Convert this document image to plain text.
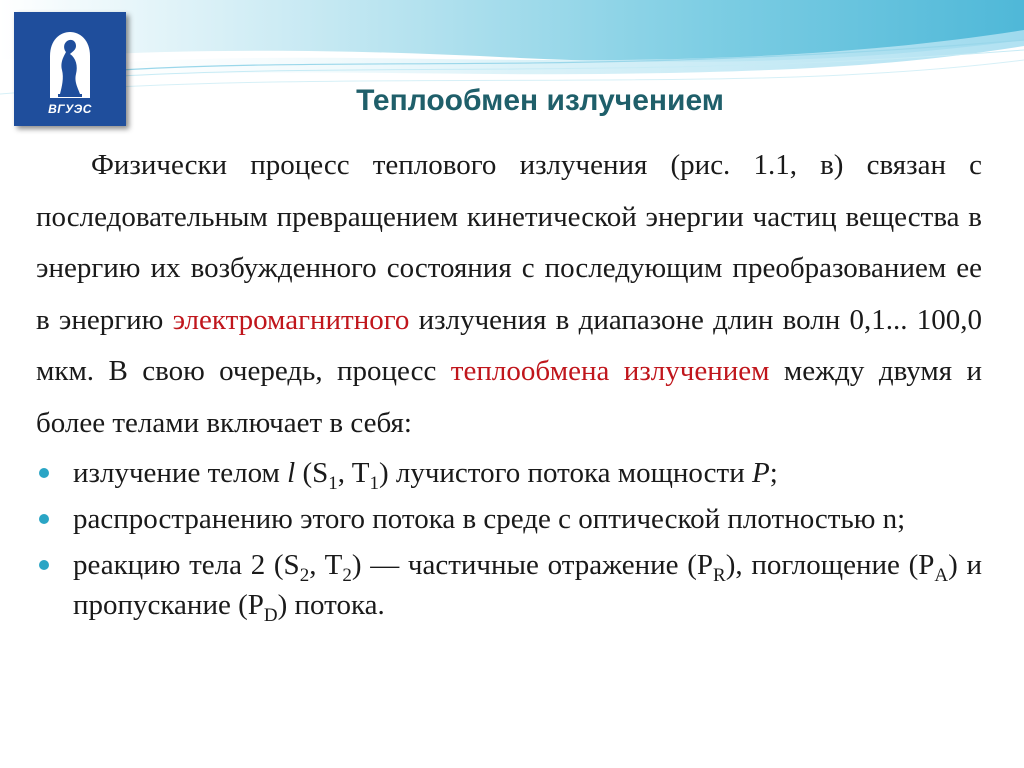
ВГУЭС	Теплообмен излучением

Физически процесс теплового излучения (рис. 1.1, в) связан с последовательным превращением кинетической энергии частиц вещества в энергию их возбужденного состояния с последующим преобразованием ее в энергию электромагнитного излучения в диапазоне длин волн 0,1... 100,0 мкм. В свою очередь, процесс теплообмена излучением между двумя и более телами включает в себя:

излучение телом l ($S_1$, $T_1$) лучистого потока мощности P;
распространению этого потока в среде с оптической плотностью n;
реакцию тела 2 ($S_2$, $T_2$) — частичные отражение $(P_R)$, поглощение $(P_A)$ и пропускание $(P_D)$ потока.
